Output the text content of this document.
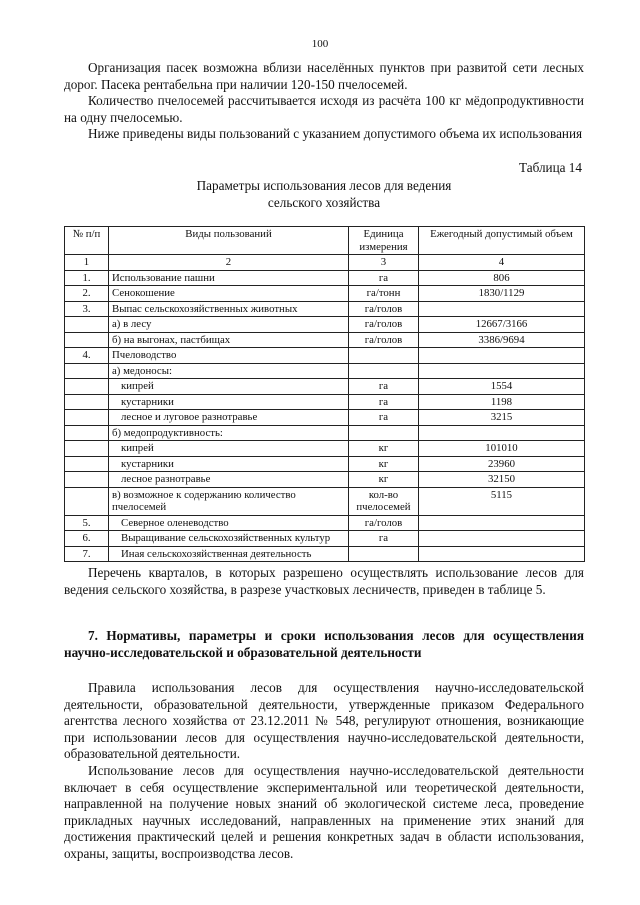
100

Организация пасек возможна вблизи населённых пунктов при развитой сети лесных дорог. Пасека рентабельна при наличии 120-150 пчелосемей.

Количество пчелосемей рассчитывается исходя из расчёта 100 кг мёдопродуктивности на одну пчелосемью.

Ниже приведены виды пользований с указанием допустимого объема их использования

Таблица 14
Параметры использования лесов для ведения
сельского хозяйства
№ п/п	Виды пользований	Единица измерения	Ежегодный допустимый объем
1	2	3	4
1.	Использование пашни	га	806
2.	Сенокошение	га/тонн	1830/1129
3.	Выпас сельскохозяйственных животных	га/голов	
	а) в лесу	га/голов	12667/3166
	б) на выгонах, пастбищах	га/голов	3386/9694
4.	Пчеловодство		
	а) медоносы:		
	кипрей	га	1554
	кустарники	га	1198
	лесное и луговое разнотравье	га	3215
	б) медопродуктивность:		
	кипрей	кг	101010
	кустарники	кг	23960
	лесное разнотравье	кг	32150
	в) возможное к содержанию количество пчелосемей	кол-во пчелосемей	5115
5.	Северное оленеводство	га/голов	
6.	Выращивание сельскохозяйственных культур	га	
7.	Иная сельскохозяйственная деятельность		

Перечень кварталов, в которых разрешено осуществлять использование лесов для ведения сельского хозяйства, в разрезе участковых лесничеств, приведен в таблице 5.

7. Нормативы, параметры и сроки использования лесов для осуществления научно-исследовательской и образовательной деятельности

Правила использования лесов для осуществления научно-исследовательской деятельности, образовательной деятельности, утвержденные приказом Федерального агентства лесного хозяйства от 23.12.2011 № 548, регулируют отношения, возникающие при использовании лесов для осуществления научно-исследовательской деятельности, образовательной деятельности.

Использование лесов для осуществления научно-исследовательской деятельности включает в себя осуществление экспериментальной или теоретической деятельности, направленной на получение новых знаний об экологической системе леса, проведение прикладных научных исследований, направленных на применение этих знаний для достижения практический целей и решения конкретных задач в области использования, охраны, защиты, воспроизводства лесов.
